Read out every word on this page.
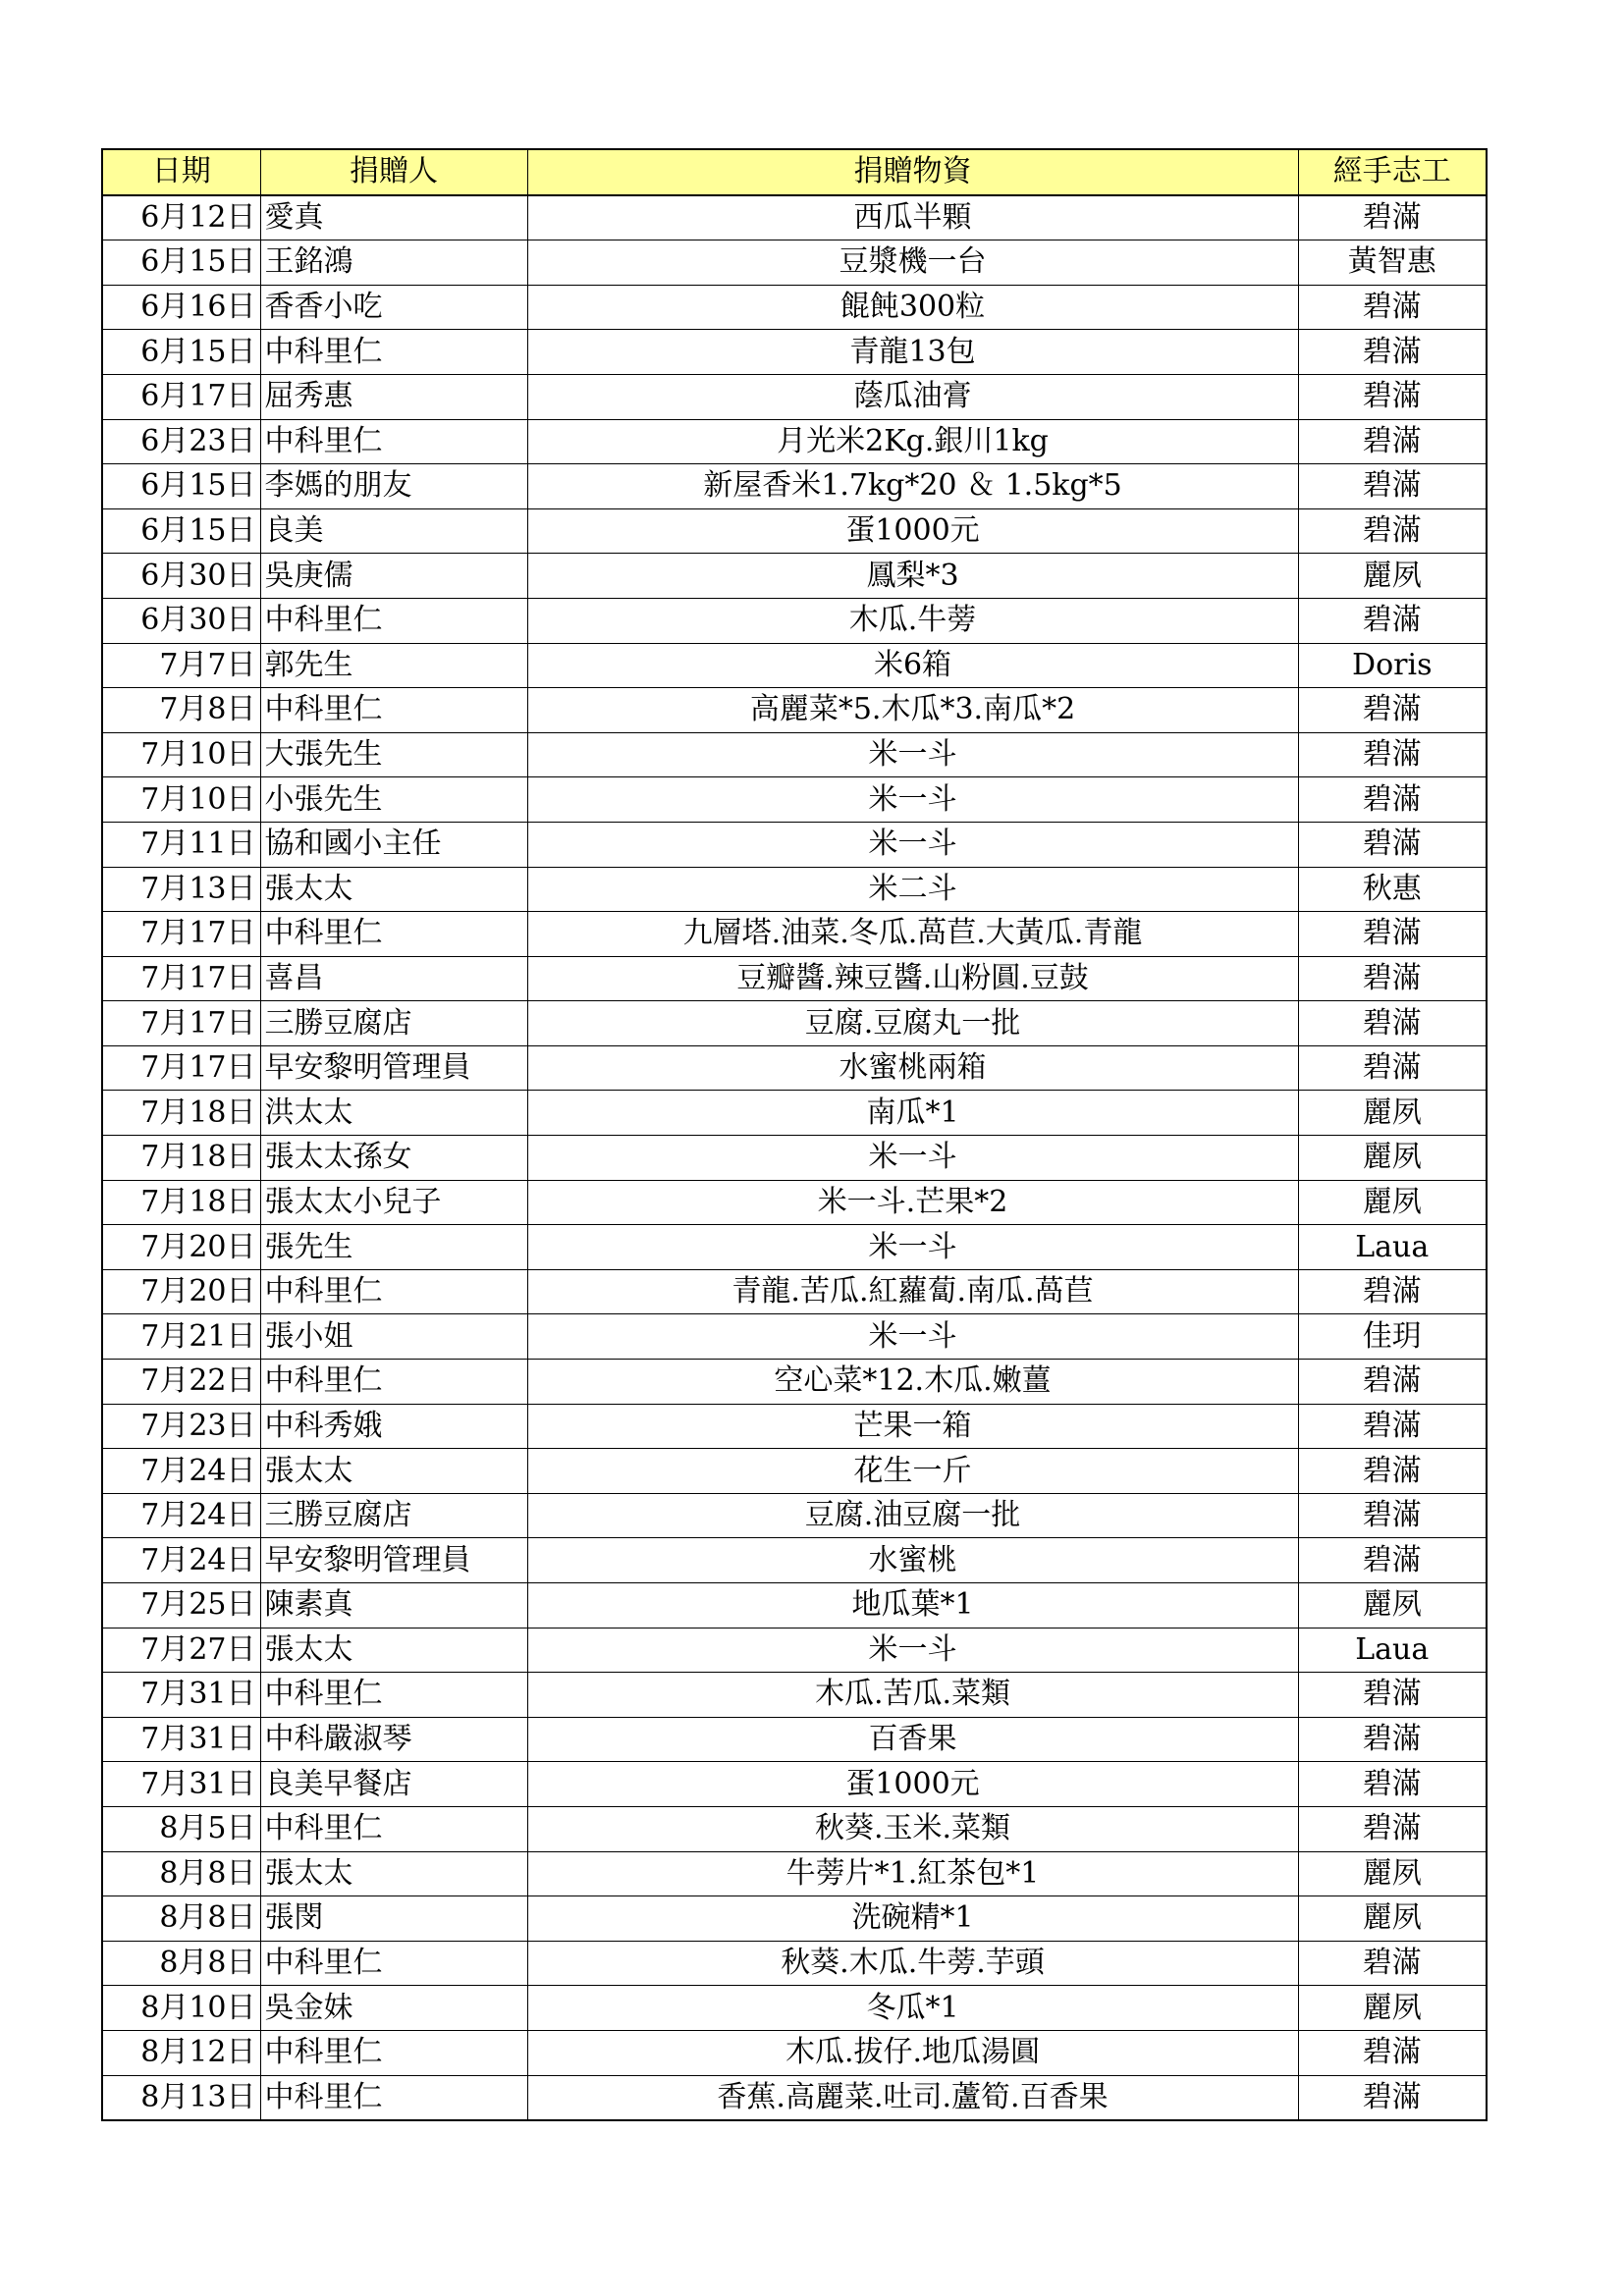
日期	捐贈人	捐贈物資	經手志工
6月12日	愛真	西瓜半顆	碧滿
6月15日	王銘鴻	豆漿機一台	黃智惠
6月16日	香香小吃	餛飩300粒	碧滿
6月15日	中科里仁	青龍13包	碧滿
6月17日	屈秀惠	蔭瓜油膏	碧滿
6月23日	中科里仁	月光米2Kg.銀川1kg	碧滿
6月15日	李媽的朋友	新屋香米1.7kg*20 ＆ 1.5kg*5	碧滿
6月15日	良美	蛋1000元	碧滿
6月30日	吳庚儒	鳳梨*3	麗夙
6月30日	中科里仁	木瓜.牛蒡	碧滿
7月7日	郭先生	米6箱	Doris
7月8日	中科里仁	高麗菜*5.木瓜*3.南瓜*2	碧滿
7月10日	大張先生	米一斗	碧滿
7月10日	小張先生	米一斗	碧滿
7月11日	協和國小主任	米一斗	碧滿
7月13日	張太太	米二斗	秋惠
7月17日	中科里仁	九層塔.油菜.冬瓜.萵苣.大黃瓜.青龍	碧滿
7月17日	喜昌	豆瓣醬.辣豆醬.山粉圓.豆鼓	碧滿
7月17日	三勝豆腐店	豆腐.豆腐丸一批	碧滿
7月17日	早安黎明管理員	水蜜桃兩箱	碧滿
7月18日	洪太太	南瓜*1	麗夙
7月18日	張太太孫女	米一斗	麗夙
7月18日	張太太小兒子	米一斗.芒果*2	麗夙
7月20日	張先生	米一斗	Laua
7月20日	中科里仁	青龍.苦瓜.紅蘿蔔.南瓜.萵苣	碧滿
7月21日	張小姐	米一斗	佳玥
7月22日	中科里仁	空心菜*12.木瓜.嫩薑	碧滿
7月23日	中科秀娥	芒果一箱	碧滿
7月24日	張太太	花生一斤	碧滿
7月24日	三勝豆腐店	豆腐.油豆腐一批	碧滿
7月24日	早安黎明管理員	水蜜桃	碧滿
7月25日	陳素真	地瓜葉*1	麗夙
7月27日	張太太	米一斗	Laua
7月31日	中科里仁	木瓜.苦瓜.菜類	碧滿
7月31日	中科嚴淑琴	百香果	碧滿
7月31日	良美早餐店	蛋1000元	碧滿
8月5日	中科里仁	秋葵.玉米.菜類	碧滿
8月8日	張太太	牛蒡片*1.紅茶包*1	麗夙
8月8日	張閔	洗碗精*1	麗夙
8月8日	中科里仁	秋葵.木瓜.牛蒡.芋頭	碧滿
8月10日	吳金妹	冬瓜*1	麗夙
8月12日	中科里仁	木瓜.拔仔.地瓜湯圓	碧滿
8月13日	中科里仁	香蕉.高麗菜.吐司.蘆筍.百香果	碧滿
